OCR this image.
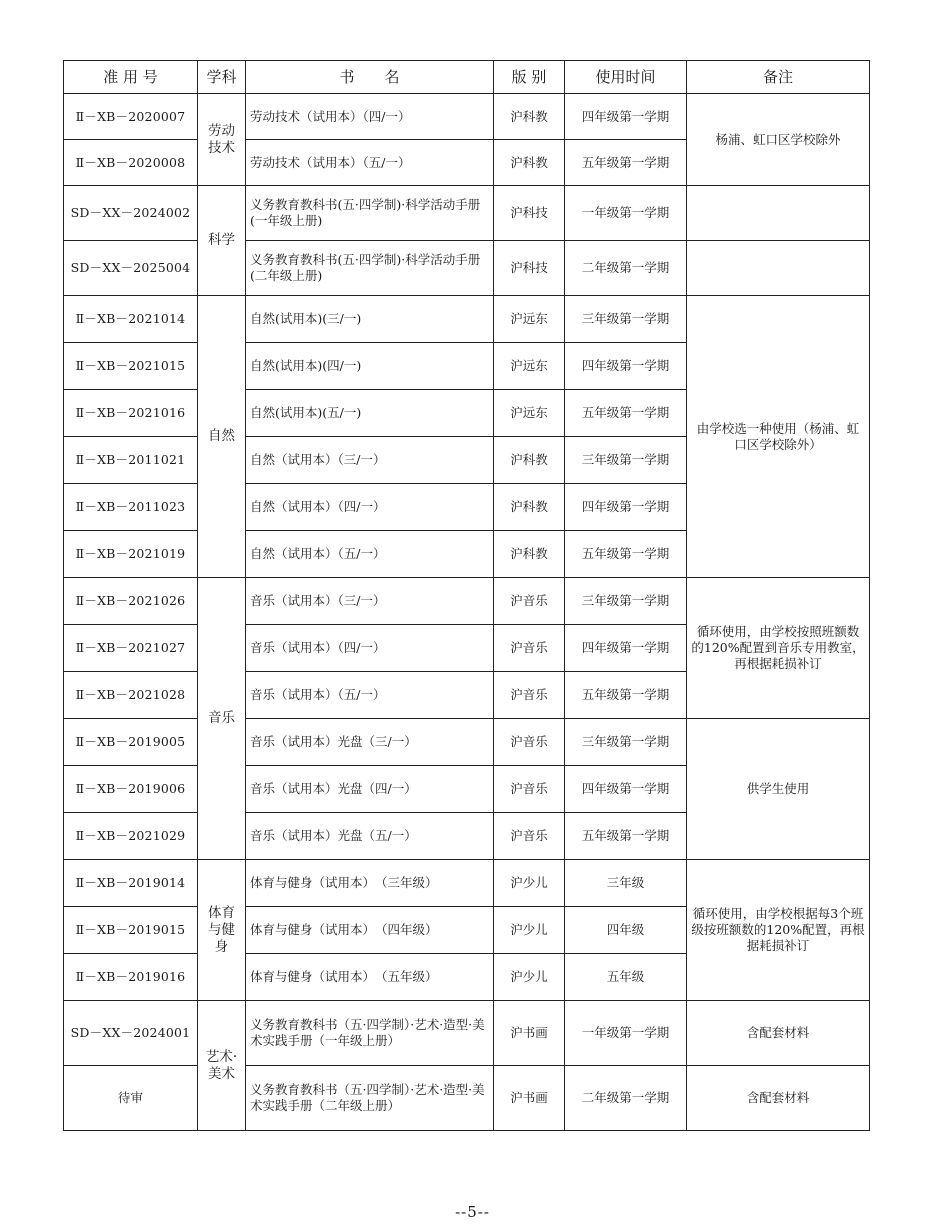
准 用 号	学科	书　　名	版 别	使用时间	备注
Ⅱ－XB－2020007	劳动技术	劳动技术（试用本）（四/一）	沪科教	四年级第一学期	杨浦、虹口区学校除外
Ⅱ－XB－2020008		劳动技术（试用本）（五/一）	沪科教	五年级第一学期	
SD－XX－2024002	科学	义务教育教科书(五·四学制)·科学活动手册(一年级上册)	沪科技	一年级第一学期	
SD－XX－2025004		义务教育教科书(五·四学制)·科学活动手册(二年级上册)	沪科技	二年级第一学期	
Ⅱ－XB－2021014	自然	自然(试用本)(三/一)	沪远东	三年级第一学期	由学校选一种使用（杨浦、虹口区学校除外）
Ⅱ－XB－2021015		自然(试用本)(四/一)	沪远东	四年级第一学期	
Ⅱ－XB－2021016		自然(试用本)(五/一)	沪远东	五年级第一学期	
Ⅱ－XB－2011021		自然（试用本）（三/一）	沪科教	三年级第一学期	
Ⅱ－XB－2011023		自然（试用本）（四/一）	沪科教	四年级第一学期	
Ⅱ－XB－2021019		自然（试用本）（五/一）	沪科教	五年级第一学期	
Ⅱ－XB－2021026	音乐	音乐（试用本）（三/一）	沪音乐	三年级第一学期	循环使用，由学校按照班额数的120%配置到音乐专用教室，再根据耗损补订
Ⅱ－XB－2021027		音乐（试用本）（四/一）	沪音乐	四年级第一学期	
Ⅱ－XB－2021028		音乐（试用本）（五/一）	沪音乐	五年级第一学期	
Ⅱ－XB－2019005		音乐（试用本）光盘（三/一）	沪音乐	三年级第一学期	供学生使用
Ⅱ－XB－2019006		音乐（试用本）光盘（四/一）	沪音乐	四年级第一学期	
Ⅱ－XB－2021029		音乐（试用本）光盘（五/一）	沪音乐	五年级第一学期	
Ⅱ－XB－2019014	体育与健身	体育与健身（试用本）　（三年级）	沪少儿	三年级	循环使用，由学校根据每3个班级按班额数的120%配置，再根据耗损补订
Ⅱ－XB－2019015		体育与健身（试用本）　（四年级）	沪少儿	四年级	
Ⅱ－XB－2019016		体育与健身（试用本）　（五年级）	沪少儿	五年级	
SD－XX－2024001	艺术·美术	义务教育教科书（五·四学制）·艺术·造型·美术实践手册（一年级上册）	沪书画	一年级第一学期	含配套材料
待审		义务教育教科书（五·四学制）·艺术·造型·美术实践手册（二年级上册）	沪书画	二年级第一学期	含配套材料
--5--
